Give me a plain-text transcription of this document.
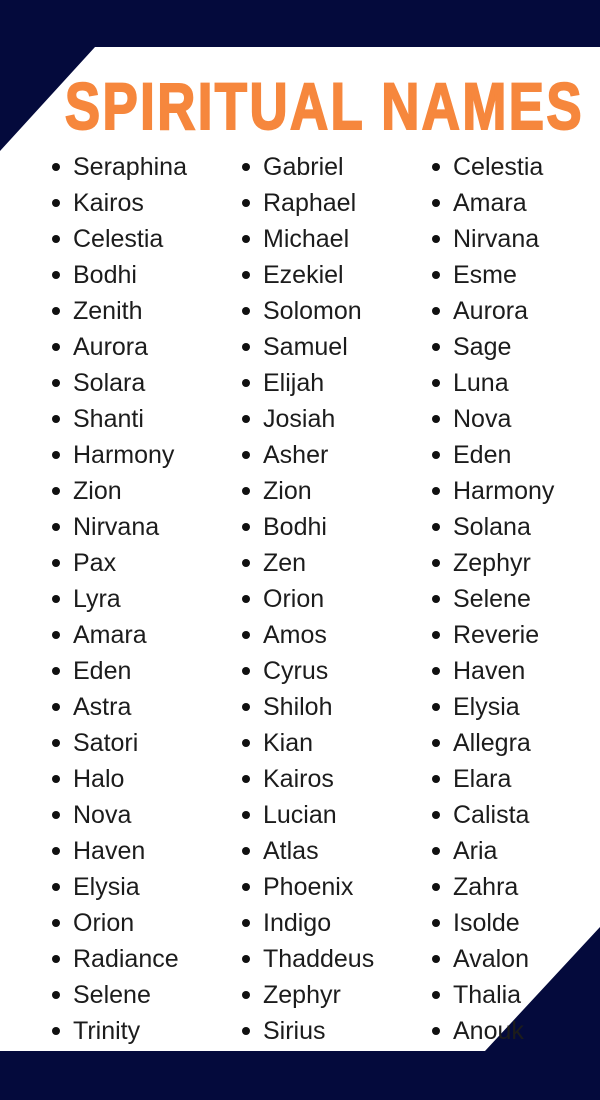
SPIRITUAL NAMES
Seraphina
Kairos
Celestia
Bodhi
Zenith
Aurora
Solara
Shanti
Harmony
Zion
Nirvana
Pax
Lyra
Amara
Eden
Astra
Satori
Halo
Nova
Haven
Elysia
Orion
Radiance
Selene
Trinity
Gabriel
Raphael
Michael
Ezekiel
Solomon
Samuel
Elijah
Josiah
Asher
Zion
Bodhi
Zen
Orion
Amos
Cyrus
Shiloh
Kian
Kairos
Lucian
Atlas
Phoenix
Indigo
Thaddeus
Zephyr
Sirius
Celestia
Amara
Nirvana
Esme
Aurora
Sage
Luna
Nova
Eden
Harmony
Solana
Zephyr
Selene
Reverie
Haven
Elysia
Allegra
Elara
Calista
Aria
Zahra
Isolde
Avalon
Thalia
Anouk
